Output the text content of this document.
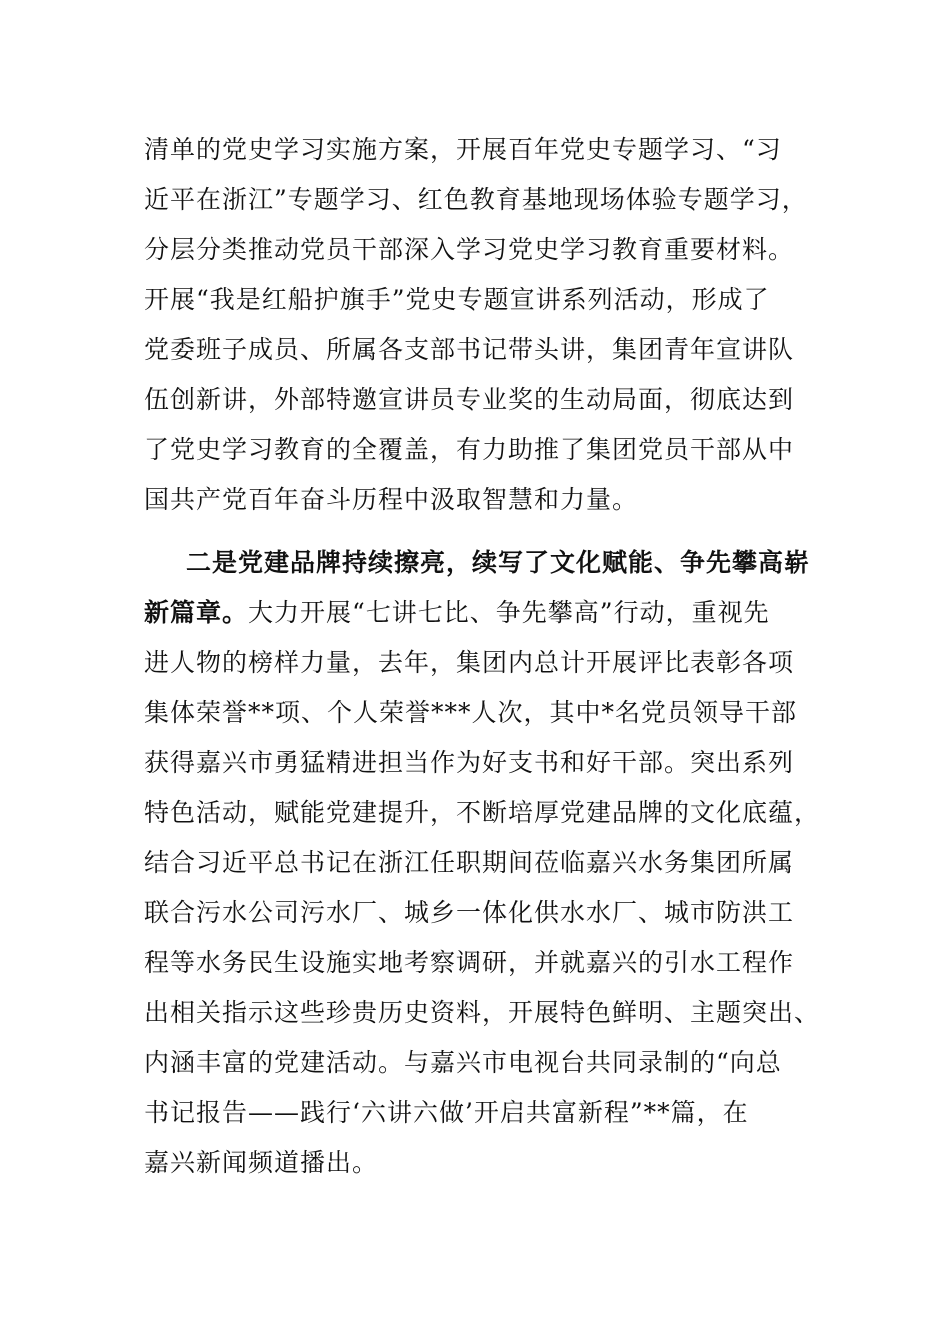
清单的党史学习实施方案，开展百年党史专题学习、“习
近平在浙江”专题学习、红色教育基地现场体验专题学习，
分层分类推动党员干部深入学习党史学习教育重要材料。
开展“我是红船护旗手”党史专题宣讲系列活动，形成了
党委班子成员、所属各支部书记带头讲，集团青年宣讲队
伍创新讲，外部特邀宣讲员专业奖的生动局面，彻底达到
了党史学习教育的全覆盖，有力助推了集团党员干部从中
国共产党百年奋斗历程中汲取智慧和力量。
二是党建品牌持续擦亮，续写了文化赋能、争先攀高崭
新篇章。大力开展“七讲七比、争先攀高”行动，重视先
进人物的榜样力量，去年，集团内总计开展评比表彰各项
集体荣誉**项、个人荣誉***人次，其中*名党员领导干部
获得嘉兴市勇猛精进担当作为好支书和好干部。突出系列
特色活动，赋能党建提升，不断培厚党建品牌的文化底蕴，
结合习近平总书记在浙江任职期间莅临嘉兴水务集团所属
联合污水公司污水厂、城乡一体化供水水厂、城市防洪工
程等水务民生设施实地考察调研，并就嘉兴的引水工程作
出相关指示这些珍贵历史资料，开展特色鲜明、主题突出、
内涵丰富的党建活动。与嘉兴市电视台共同录制的“向总
书记报告——践行‘六讲六做’开启共富新程”**篇，在
嘉兴新闻频道播出。
